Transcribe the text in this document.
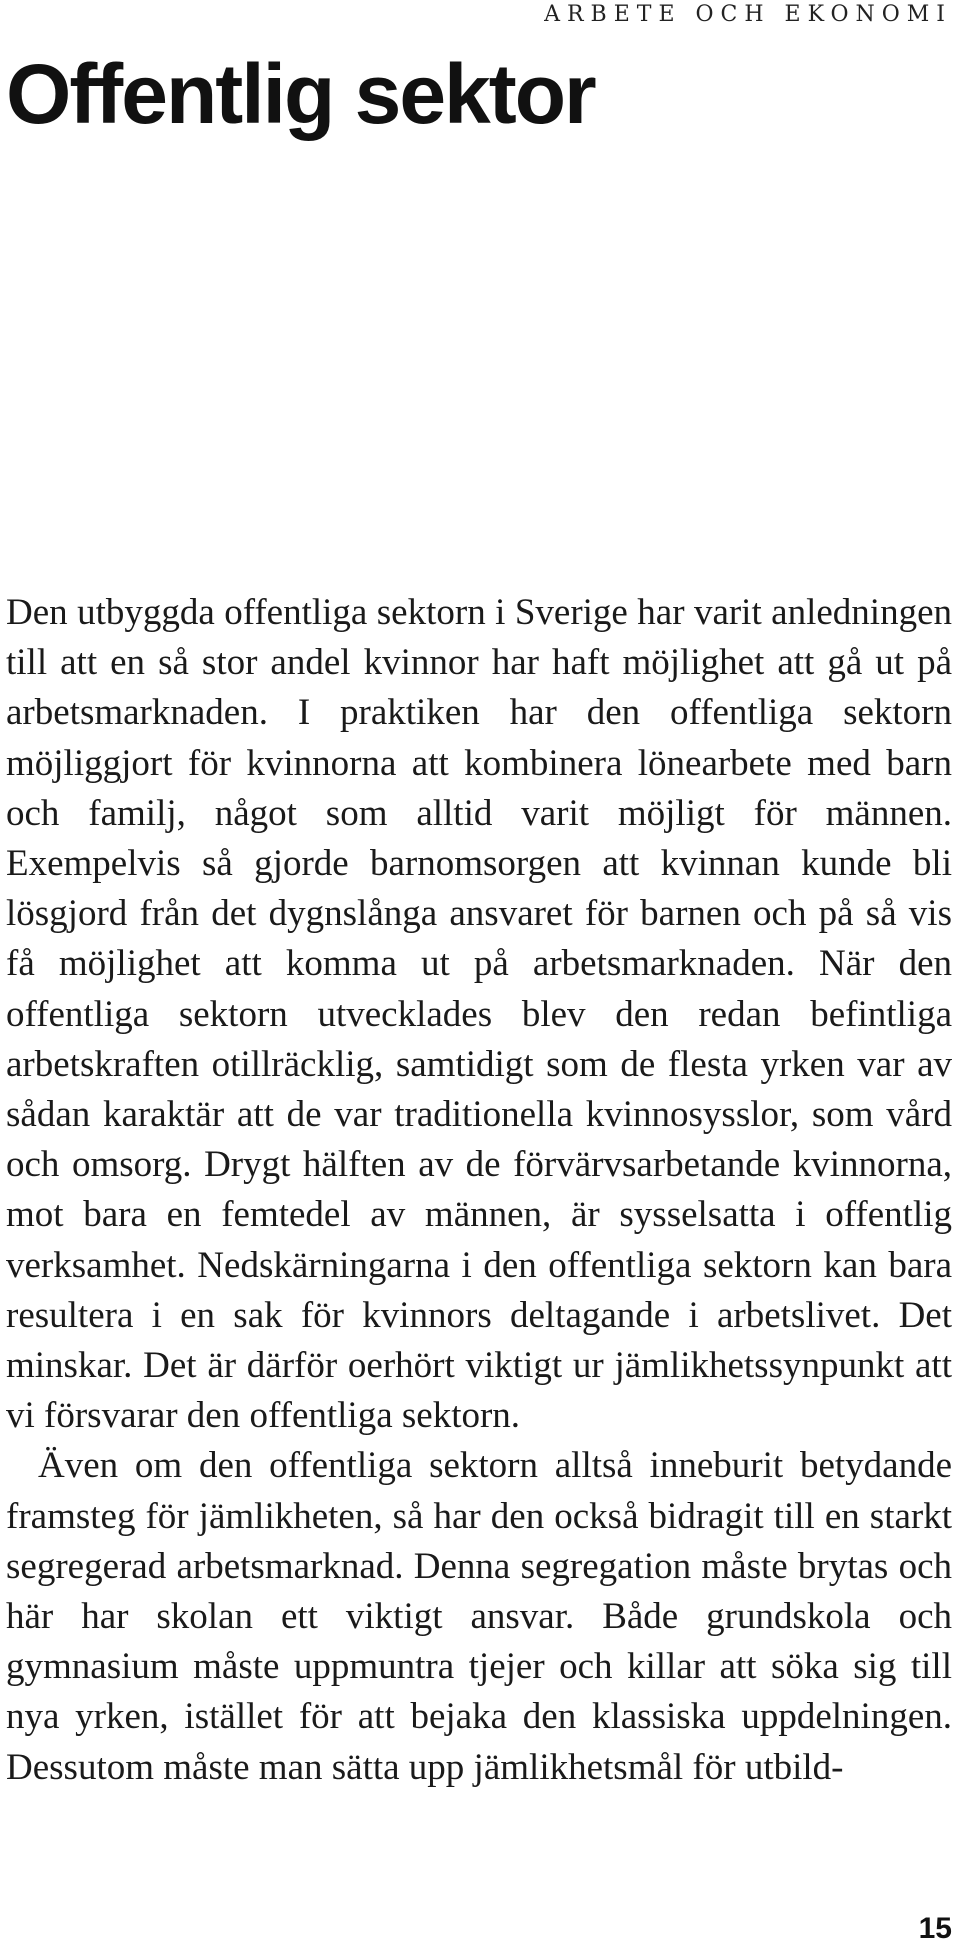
ARBETE OCH EKONOMI
Offentlig sektor

Den utbyggda offentliga sektorn i Sverige har varit anledningen till att en så stor andel kvinnor har haft möjlighet att gå ut på arbetsmarknaden. I praktiken har den offentliga sektorn möjliggjort för kvinnorna att kombinera lönearbete med barn och familj, något som alltid varit möjligt för männen. Exempelvis så gjorde barnomsorgen att kvinnan kunde bli lösgjord från det dygnslånga ansvaret för barnen och på så vis få möjlighet att komma ut på arbetsmarknaden. När den offentliga sektorn utvecklades blev den redan befintliga arbetskraften otillräcklig, samtidigt som de flesta yrken var av sådan karaktär att de var traditionella kvinnosysslor, som vård och omsorg. Drygt hälften av de förvärvsarbetande kvinnorna, mot bara en femtedel av männen, är sysselsatta i offentlig verksamhet. Nedskärningarna i den offentliga sektorn kan bara resultera i en sak för kvinnors deltagande i arbetslivet. Det minskar. Det är därför oerhört viktigt ur jämlikhetssynpunkt att vi försvarar den offentliga sektorn.

Även om den offentliga sektorn alltså inneburit betydande framsteg för jämlikheten, så har den också bidragit till en starkt segregerad arbetsmarknad. Denna segregation måste brytas och här har skolan ett viktigt ansvar. Både grundskola och gymnasium måste uppmuntra tjejer och killar att söka sig till nya yrken, istället för att bejaka den klassiska uppdelningen. Dessutom måste man sätta upp jämlikhetsmål för utbild-

15
